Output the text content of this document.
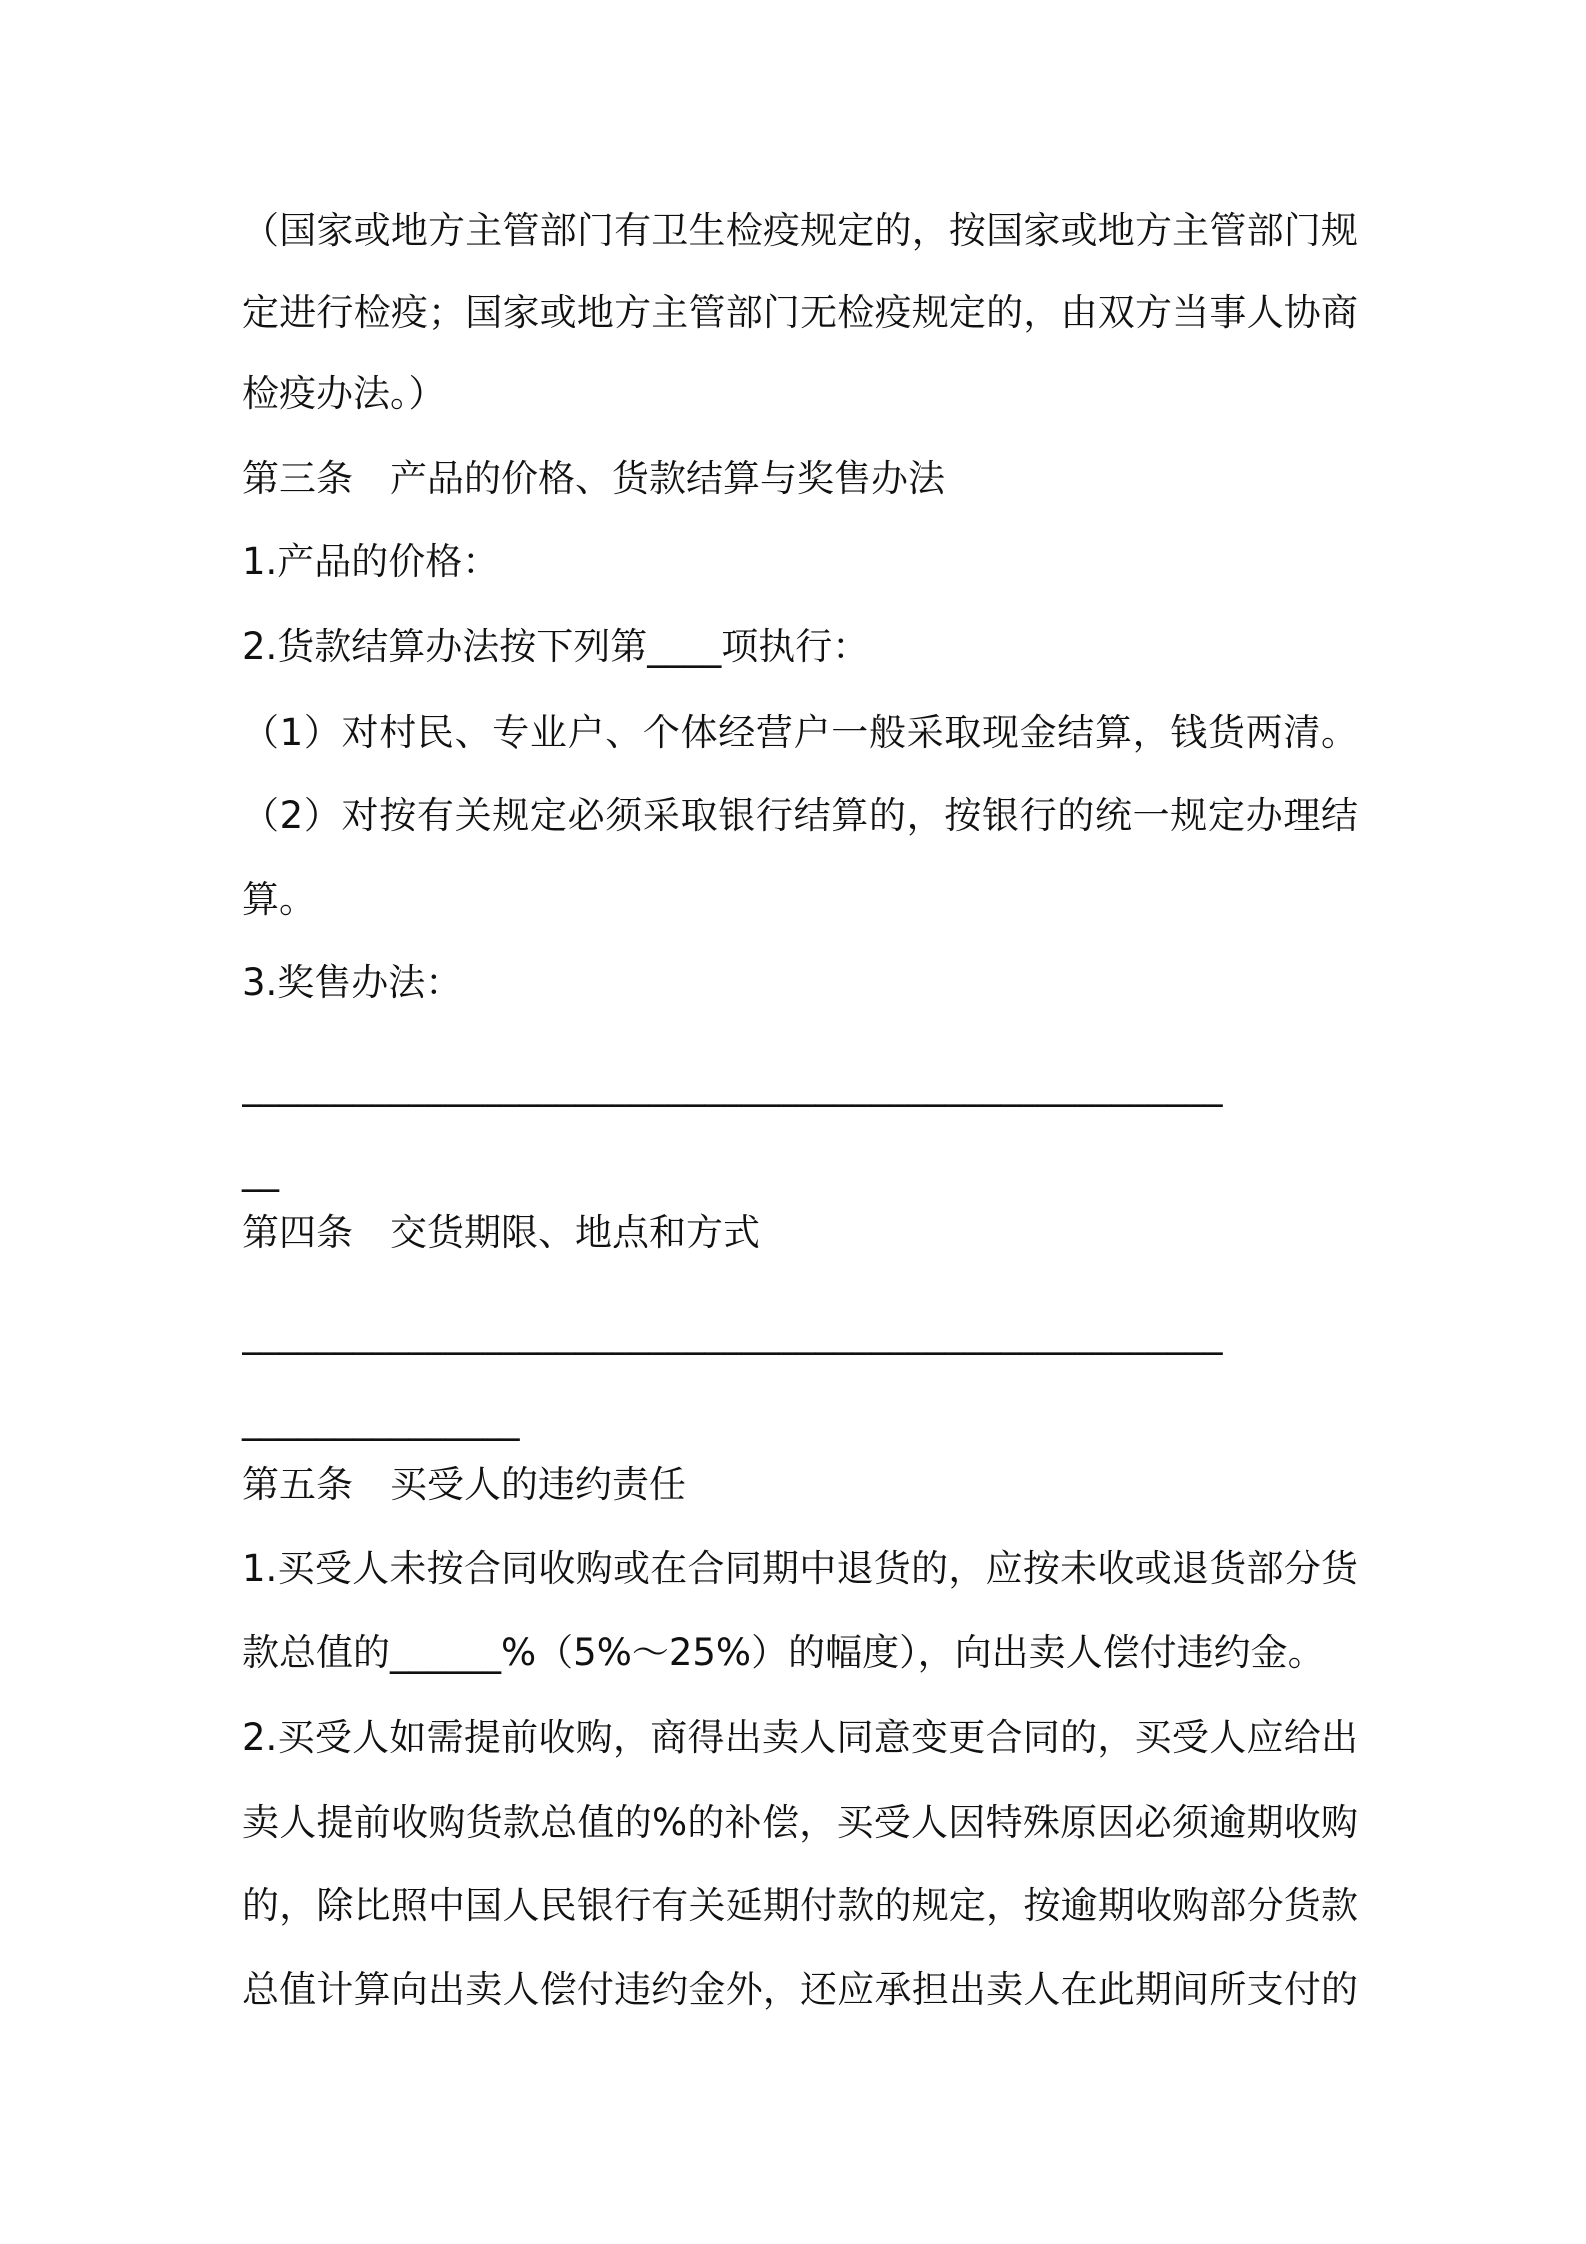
（国家或地方主管部门有卫生检疫规定的，按国家或地方主管部门规
定进行检疫；国家或地方主管部门无检疫规定的，由双方当事人协商
检疫办法。）
第三条　产品的价格、货款结算与奖售办法
1.产品的价格：
2.货款结算办法按下列第____项执行：
（1）对村民、专业户、个体经营户一般采取现金结算，钱货两清。
（2）对按有关规定必须采取银行结算的，按银行的统一规定办理结
算。
3.奖售办法：
_____________________________________________________
__
第四条　交货期限、地点和方式
_____________________________________________________
_______________
第五条　买受人的违约责任
1.买受人未按合同收购或在合同期中退货的，应按未收或退货部分货
款总值的______%（5%～25%）的幅度），向出卖人偿付违约金。
2.买受人如需提前收购，商得出卖人同意变更合同的，买受人应给出
卖人提前收购货款总值的%的补偿，买受人因特殊原因必须逾期收购
的，除比照中国人民银行有关延期付款的规定，按逾期收购部分货款
总值计算向出卖人偿付违约金外，还应承担出卖人在此期间所支付的
